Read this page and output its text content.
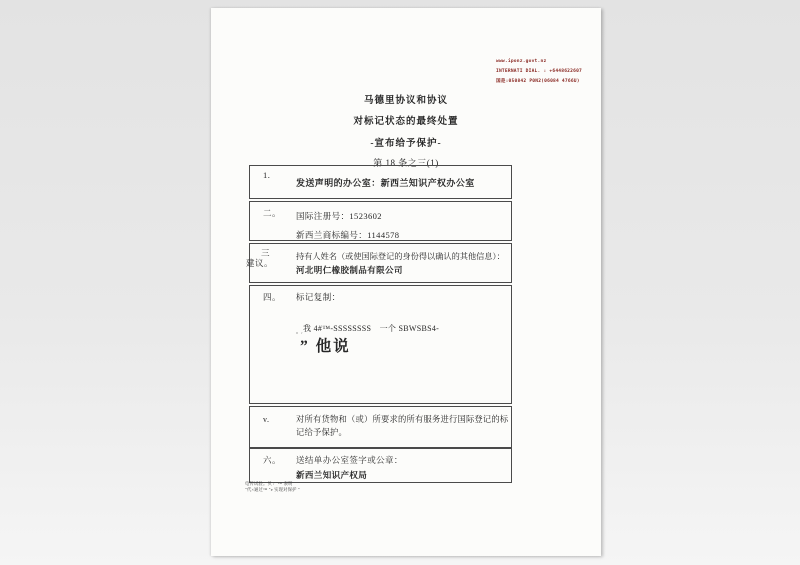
www.iponz.govt.nz
INTERNATI DIAL. : +6448622607
国是:050842 P0N2(06084 4766U)
马德里协议和协议
对标记状态的最终处置
-宣布给予保护-
第 18 条之三(1)
1.
发送声明的办公室：新西兰知识产权办公室
二。 国际注册号：1523602
新西兰商标编号：1144578
三
建议。
持有人姓名（或使国际登记的身份得以确认的其他信息）：
河北明仁橡胶制品有限公司
四。 标记复制：
我 4#™-SSSSSSSS　一个 SBWSBS4-
″ ′
” 他说
v.	对所有货物和（或）所要求的所有服务进行国际登记的标记给予保护。
六。 送结单办公室签字或公章：
新西兰知识产权局
电传试验。贝 / ″™ 表明
″代×通过™ ″e 实现对保护 ″
